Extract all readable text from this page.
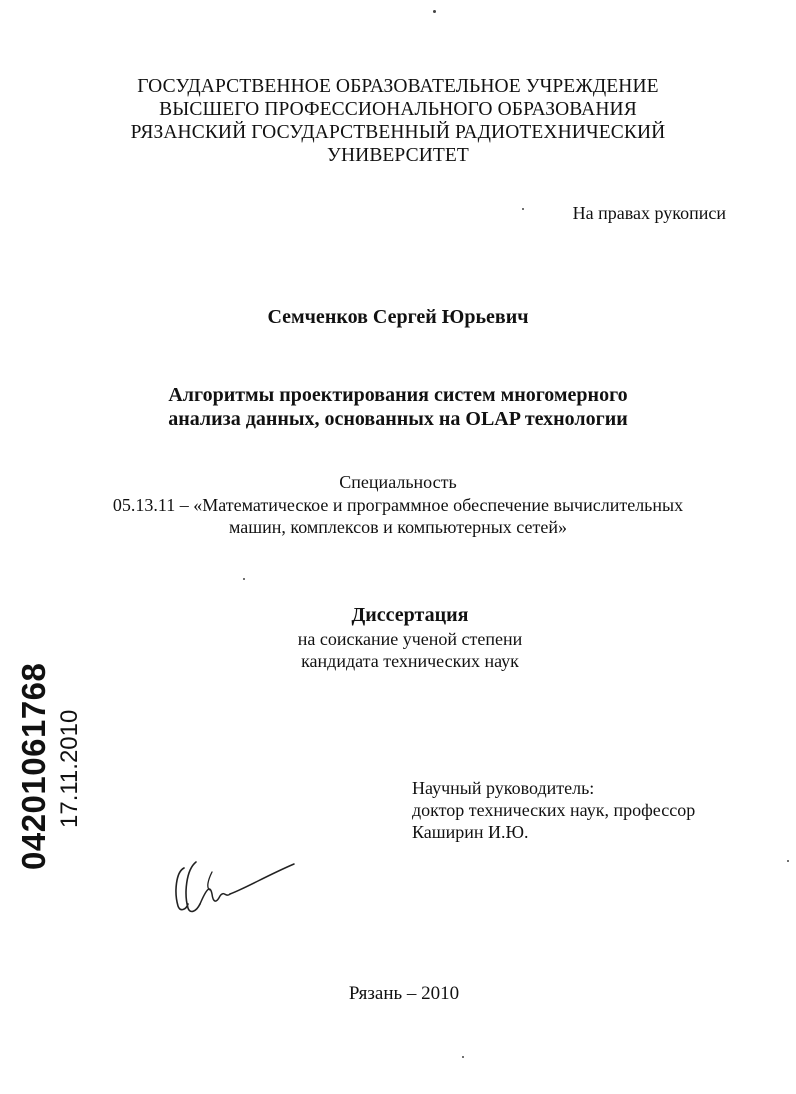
ГОСУДАРСТВЕННОЕ ОБРАЗОВАТЕЛЬНОЕ УЧРЕЖДЕНИЕ
ВЫСШЕГО ПРОФЕССИОНАЛЬНОГО ОБРАЗОВАНИЯ
РЯЗАНСКИЙ ГОСУДАРСТВЕННЫЙ РАДИОТЕХНИЧЕСКИЙ
УНИВЕРСИТЕТ
На правах рукописи
Семченков Сергей Юрьевич
Алгоритмы проектирования систем многомерного
анализа данных, основанных на OLAP технологии
Специальность
05.13.11 – «Математическое и программное обеспечение вычислительных
машин, комплексов и компьютерных сетей»
Диссертация
на соискание ученой степени
кандидата технических наук
Научный руководитель:
доктор технических наук, профессор
Каширин И.Ю.
Рязань – 2010
04201061768 17.11.2010
